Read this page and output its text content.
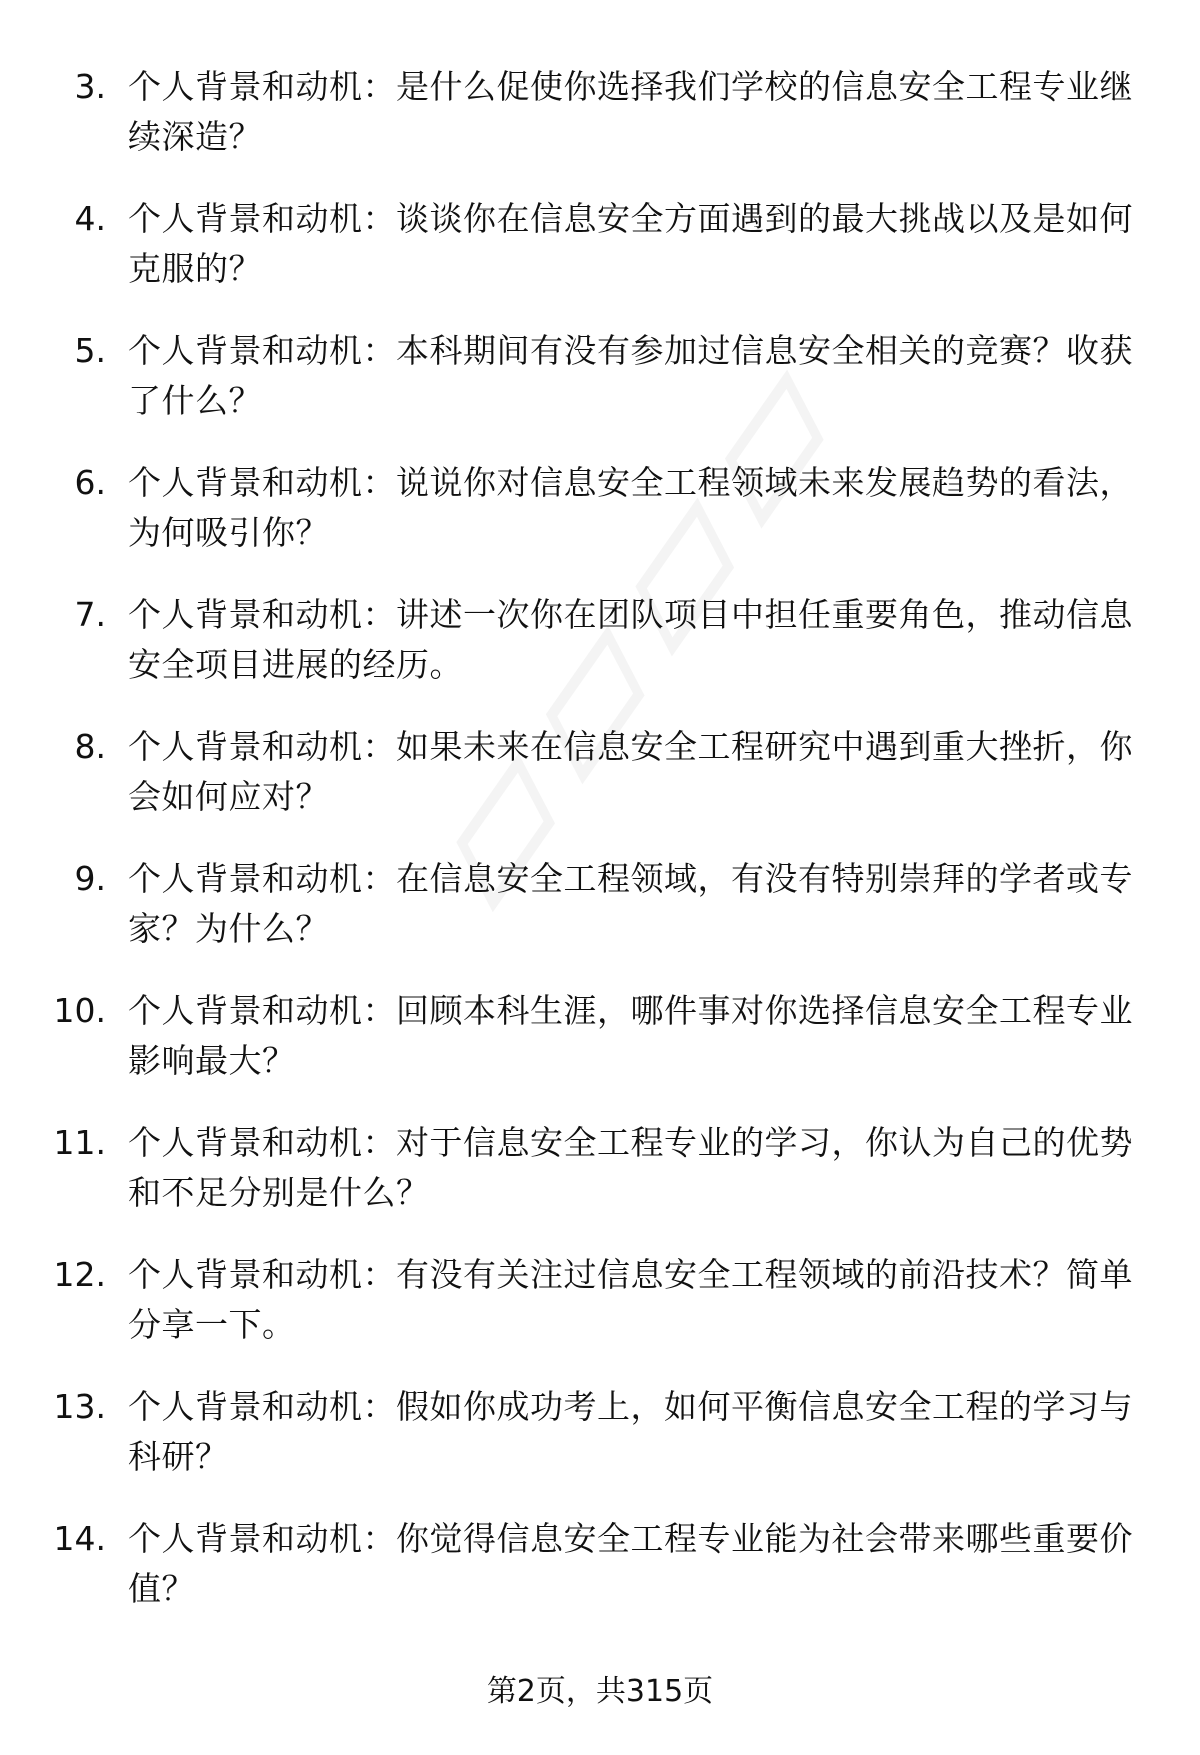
3. 个人背景和动机：是什么促使你选择我们学校的信息安全工程专业继续深造？
4. 个人背景和动机：谈谈你在信息安全方面遇到的最大挑战以及是如何克服的？
5. 个人背景和动机：本科期间有没有参加过信息安全相关的竞赛？收获了什么？
6. 个人背景和动机：说说你对信息安全工程领域未来发展趋势的看法，为何吸引你？
7. 个人背景和动机：讲述一次你在团队项目中担任重要角色，推动信息安全项目进展的经历。
8. 个人背景和动机：如果未来在信息安全工程研究中遇到重大挫折，你会如何应对？
9. 个人背景和动机：在信息安全工程领域，有没有特别崇拜的学者或专家？为什么？
10. 个人背景和动机：回顾本科生涯，哪件事对你选择信息安全工程专业影响最大？
11. 个人背景和动机：对于信息安全工程专业的学习，你认为自己的优势和不足分别是什么？
12. 个人背景和动机：有没有关注过信息安全工程领域的前沿技术？简单分享一下。
13. 个人背景和动机：假如你成功考上，如何平衡信息安全工程的学习与科研？
14. 个人背景和动机：你觉得信息安全工程专业能为社会带来哪些重要价值？
第2页，共315页
